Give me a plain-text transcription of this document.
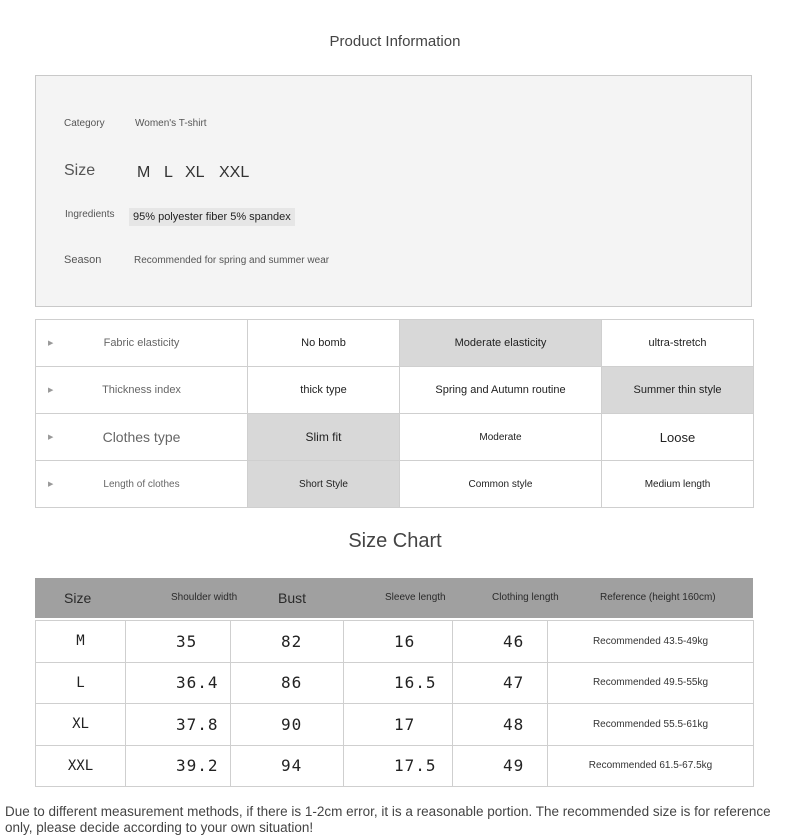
Product Information
Category	Women's T-shirt
Size	M L XL XXL
Ingredients	95% polyester fiber 5% spandex
Season	Recommended for spring and summer wear
▶ Fabric elasticity	No bomb	Moderate elasticity	ultra-stretch

▶ Thickness index	thick type	Spring and Autumn routine	Summer thin style

▶ Clothes type	Slim fit	Moderate	Loose

▶ Length of clothes	Short Style	Common style	Medium length
Size Chart
Size	Shoulder width	Bust	Sleeve length	Clothing length	Reference (height 160cm)
M	35	82	16	46	Recommended 43.5-49kg
L	36.4	86	16.5	47	Recommended 49.5-55kg
XL	37.8	90	17	48	Recommended 55.5-61kg
XXL	39.2	94	17.5	49	Recommended 61.5-67.5kg
Due to different measurement methods, if there is 1-2cm error, it is a reasonable portion. The recommended size is for reference only, please decide according to your own situation!
